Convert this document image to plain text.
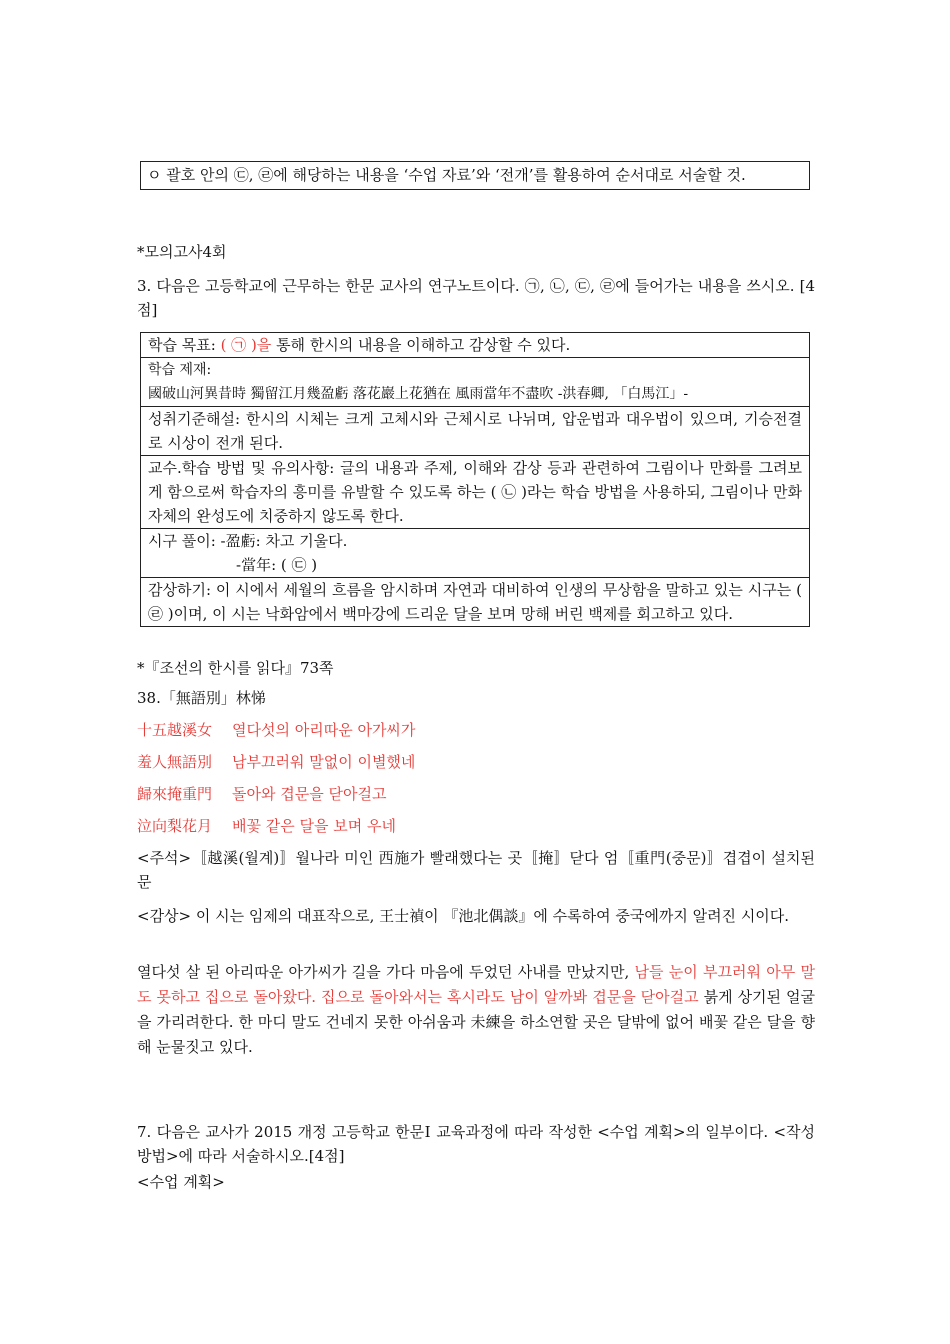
ㅇ 괄호 안의 ㉢, ㉣에 해당하는 내용을 ‘수업 자료’와 ‘전개’를 활용하여 순서대로 서술할 것.
*모의고사4회
3. 다음은 고등학교에 근무하는 한문 교사의 연구노트이다. ㉠, ㉡, ㉢, ㉣에 들어가는 내용을 쓰시오. [4점]
학습 목표: ( ㉠ )을 통해 한시의 내용을 이해하고 감상할 수 있다.
학습 제재:
國破山河異昔時 獨留江月幾盈虧 落花巖上花猶在 風雨當年不盡吹 -洪春卿, 「白馬江」-
성취기준해설: 한시의 시체는 크게 고체시와 근체시로 나뉘며, 압운법과 대우법이 있으며, 기승전결로 시상이 전개 된다.
교수.학습 방법 및 유의사항: 글의 내용과 주제, 이해와 감상 등과 관련하여 그림이나 만화를 그려보게 함으로써 학습자의 흥미를 유발할 수 있도록 하는 ( ㉡ )라는 학습 방법을 사용하되, 그림이나 만화 자체의 완성도에 치중하지 않도록 한다.
시구 풀이: -盈虧: 차고 기울다.
-當年: ( ㉢ )
감상하기: 이 시에서 세월의 흐름을 암시하며 자연과 대비하여 인생의 무상함을 말하고 있는 시구는 ( ㉣ )이며, 이 시는 낙화암에서 백마강에 드리운 달을 보며 망해 버린 백제를 회고하고 있다.
*『조선의 한시를 읽다』73쪽
38.「無語別」林悌
十五越溪女 열다섯의 아리따운 아가씨가
羞人無語別 남부끄러워 말없이 이별했네
歸來掩重門 돌아와 겹문을 닫아걸고
泣向梨花月 배꽃 같은 달을 보며 우네
<주석>〚越溪(월계)〛월나라 미인 西施가 빨래했다는 곳〚掩〛닫다 엄〚重門(중문)〛겹겹이 설치된 문
<감상> 이 시는 임제의 대표작으로, 王士禎이 『池北偶談』에 수록하여 중국에까지 알려진 시이다.
열다섯 살 된 아리따운 아가씨가 길을 가다 마음에 두었던 사내를 만났지만, 남들 눈이 부끄러워 아무 말도 못하고 집으로 돌아왔다. 집으로 돌아와서는 혹시라도 남이 알까봐 겹문을 닫아걸고 붉게 상기된 얼굴을 가리려한다. 한 마디 말도 건네지 못한 아쉬움과 未練을 하소연할 곳은 달밖에 없어 배꽃 같은 달을 향해 눈물짓고 있다.
7. 다음은 교사가 2015 개정 고등학교 한문Ⅰ 교육과정에 따라 작성한 <수업 계획>의 일부이다. <작성 방법>에 따라 서술하시오.[4점]
<수업 계획>
